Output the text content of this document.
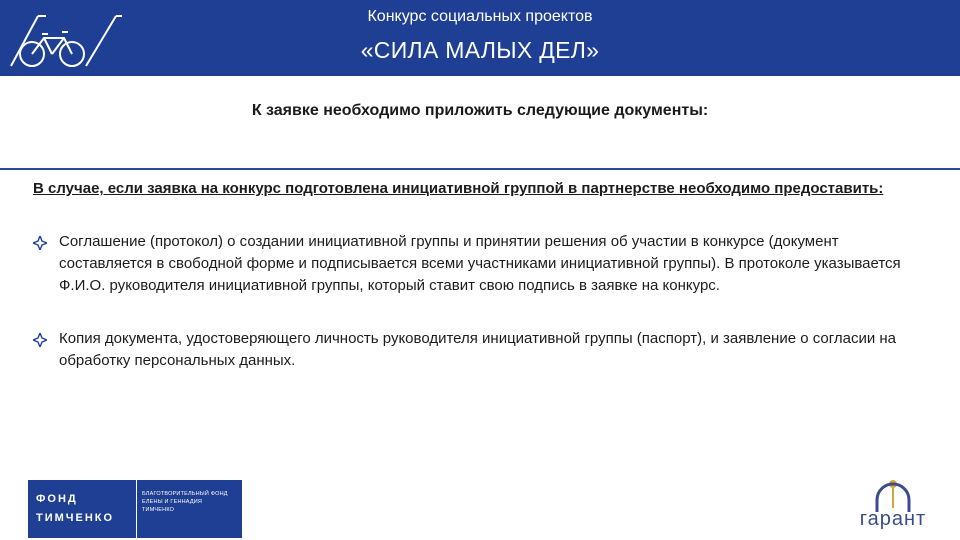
Конкурс социальных проектов
«СИЛА МАЛЫХ ДЕЛ»
К заявке необходимо приложить следующие документы:
В случае, если заявка на конкурс подготовлена инициативной группой в партнерстве необходимо предоставить:
Соглашение (протокол) о создании инициативной группы и принятии решения об участии в конкурсе (документ составляется в свободной форме и подписывается всеми участниками инициативной группы). В протоколе указывается Ф.И.О. руководителя инициативной группы, который ставит свою подпись в заявке на конкурс.
Копия документа, удостоверяющего личность руководителя инициативной группы (паспорт), и заявление о согласии на обработку персональных данных.
ФОНД
ТИМЧЕНКО
БЛАГОТВОРИТЕЛЬНЫЙ ФОНД
ЕЛЕНЫ И ГЕННАДИЯ
ТИМЧЕНКО	гарант
